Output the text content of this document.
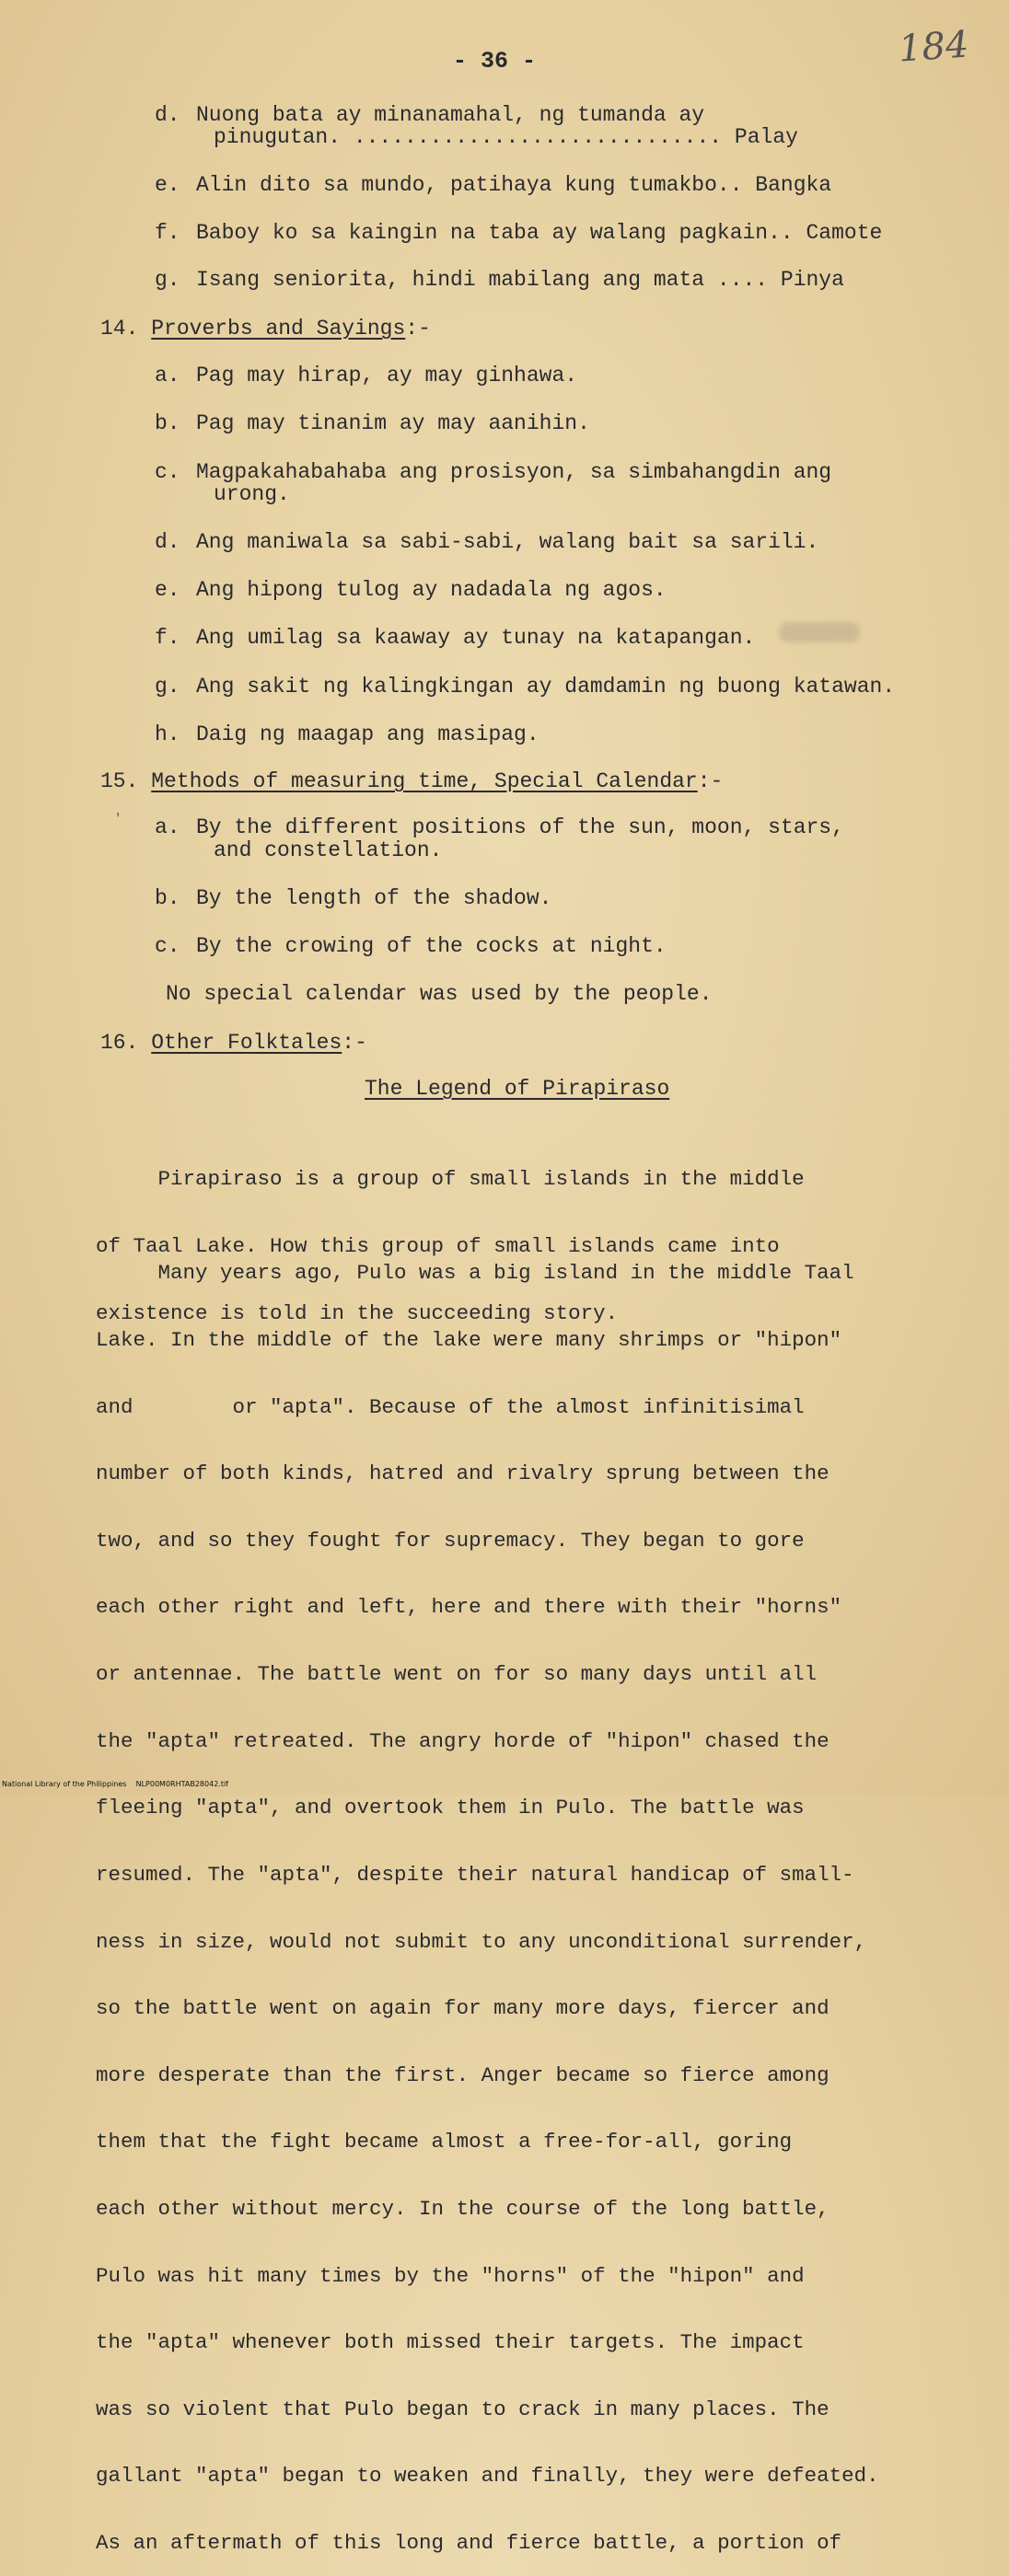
- 36 -	184
d. Nuong bata ay minanamahal, ng tumanda ay
pinugutan. ............................. Palay
e. Alin dito sa mundo, patihaya kung tumakbo.. Bangka
f. Baboy ko sa kaingin na taba ay walang pagkain.. Camote
g. Isang seniorita, hindi mabilang ang mata .... Pinya
14. Proverbs and Sayings:-
a. Pag may hirap, ay may ginhawa.
b. Pag may tinanim ay may aanihin.
c. Magpakahabahaba ang prosisyon, sa simbahangdin ang
urong.
d. Ang maniwala sa sabi-sabi, walang bait sa sarili.
e. Ang hipong tulog ay nadadala ng agos.
f. Ang umilag sa kaaway ay tunay na katapangan.
g. Ang sakit ng kalingkingan ay damdamin ng buong katawan.
h. Daig ng maagap ang masipag.
15. Methods of measuring time, Special Calendar:-
' a. By the different positions of the sun, moon, stars,
and constellation.
b. By the length of the shadow.
c. By the crowing of the cocks at night.
No special calendar was used by the people.
16. Other Folktales:-
The Legend of Pirapiraso

Pirapiraso is a group of small islands in the middle

of Taal Lake. How this group of small islands came into

existence is told in the succeeding story.

Many years ago, Pulo was a big island in the middle Taal

Lake. In the middle of the lake were many shrimps or "hipon"

and        or "apta". Because of the almost infinitisimal

number of both kinds, hatred and rivalry sprung between the

two, and so they fought for supremacy. They began to gore

each other right and left, here and there with their "horns"

or antennae. The battle went on for so many days until all

the "apta" retreated. The angry horde of "hipon" chased the

fleeing "apta", and overtook them in Pulo. The battle was

resumed. The "apta", despite their natural handicap of small-

ness in size, would not submit to any unconditional surrender,

so the battle went on again for many more days, fiercer and

more desperate than the first. Anger became so fierce among

them that the fight became almost a free-for-all, goring

each other without mercy. In the course of the long battle,

Pulo was hit many times by the "horns" of the "hipon" and

the "apta" whenever both missed their targets. The impact

was so violent that Pulo began to crack in many places. The

gallant "apta" began to weaken and finally, they were defeated.

As an aftermath of this long and fierce battle, a portion of

National Library of the Philippines    NLP00M0RHTAB28042.tif
